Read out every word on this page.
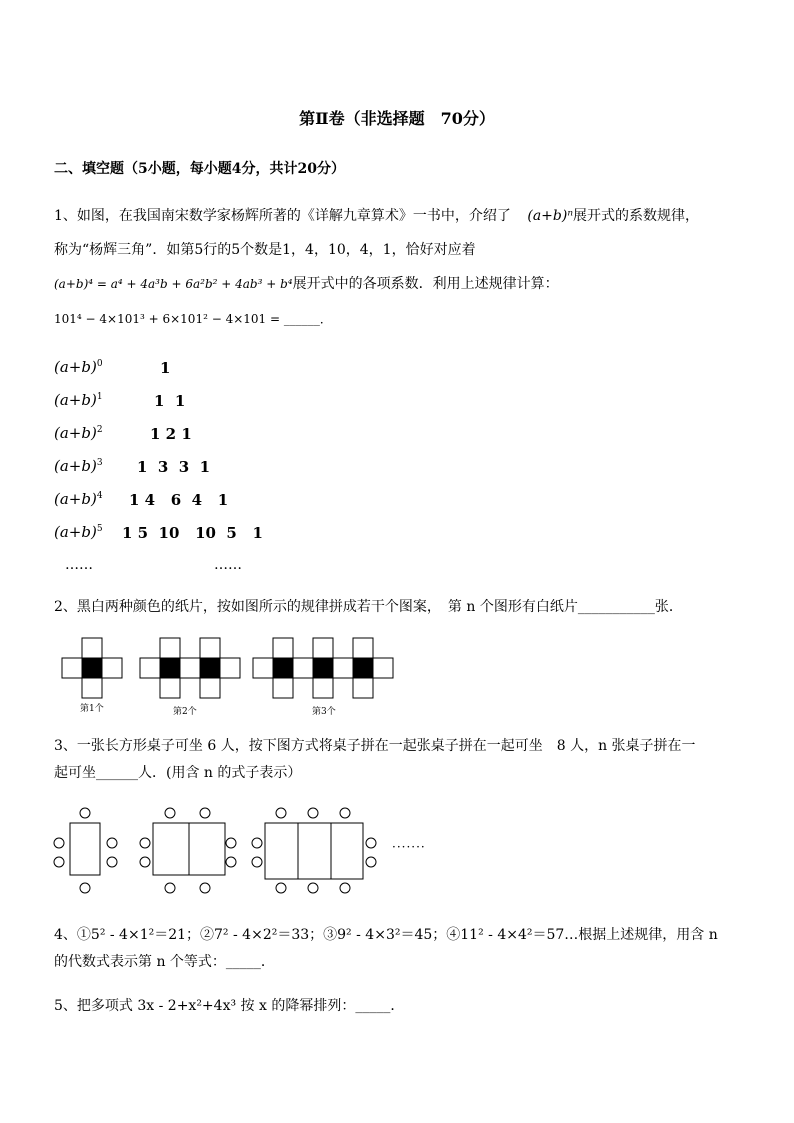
第Ⅱ卷（非选择题　70分）
二、填空题（5小题，每小题4分，共计20分）
1、如图，在我国南宋数学家杨辉所著的《详解九章算术》一书中，介绍了 (a+b)ⁿ展开式的系数规律，
称为“杨辉三角”．如第5行的5个数是1，4，10，4，1，恰好对应着
(a+b)⁴ = a⁴ + 4a³b + 6a²b² + 4ab³ + b⁴展开式中的各项系数．利用上述规律计算：
101⁴ − 4×101³ + 6×101² − 4×101 = ______．
$(a+b)^0$	1
$(a+b)^1$	1  1
$(a+b)^2$	1 2 1
$(a+b)^3$ 1  3  3  1
$(a+b)^4$ 1 4   6  4   1
$(a+b)^5$ 1 5  10   10  5   1
……	……
2、黑白两种颜色的纸片，按如图所示的规律拼成若干个图案，　第 n 个图形有白纸片___________张．
第1个	第2个	第3个
3、一张长方形桌子可坐 6 人，按下图方式将桌子拼在一起张桌子拼在一起可坐　8 人，n 张桌子拼在一
起可坐______人．(用含 n 的式子表示）
·······
4、①5² - 4×1²＝21；②7² - 4×2²＝33；③9² - 4×3²＝45；④11² - 4×4²＝57…根据上述规律，用含 n
的代数式表示第 n 个等式：_____．
5、把多项式 3x - 2+x²+4x³ 按 x 的降幂排列：_____．
